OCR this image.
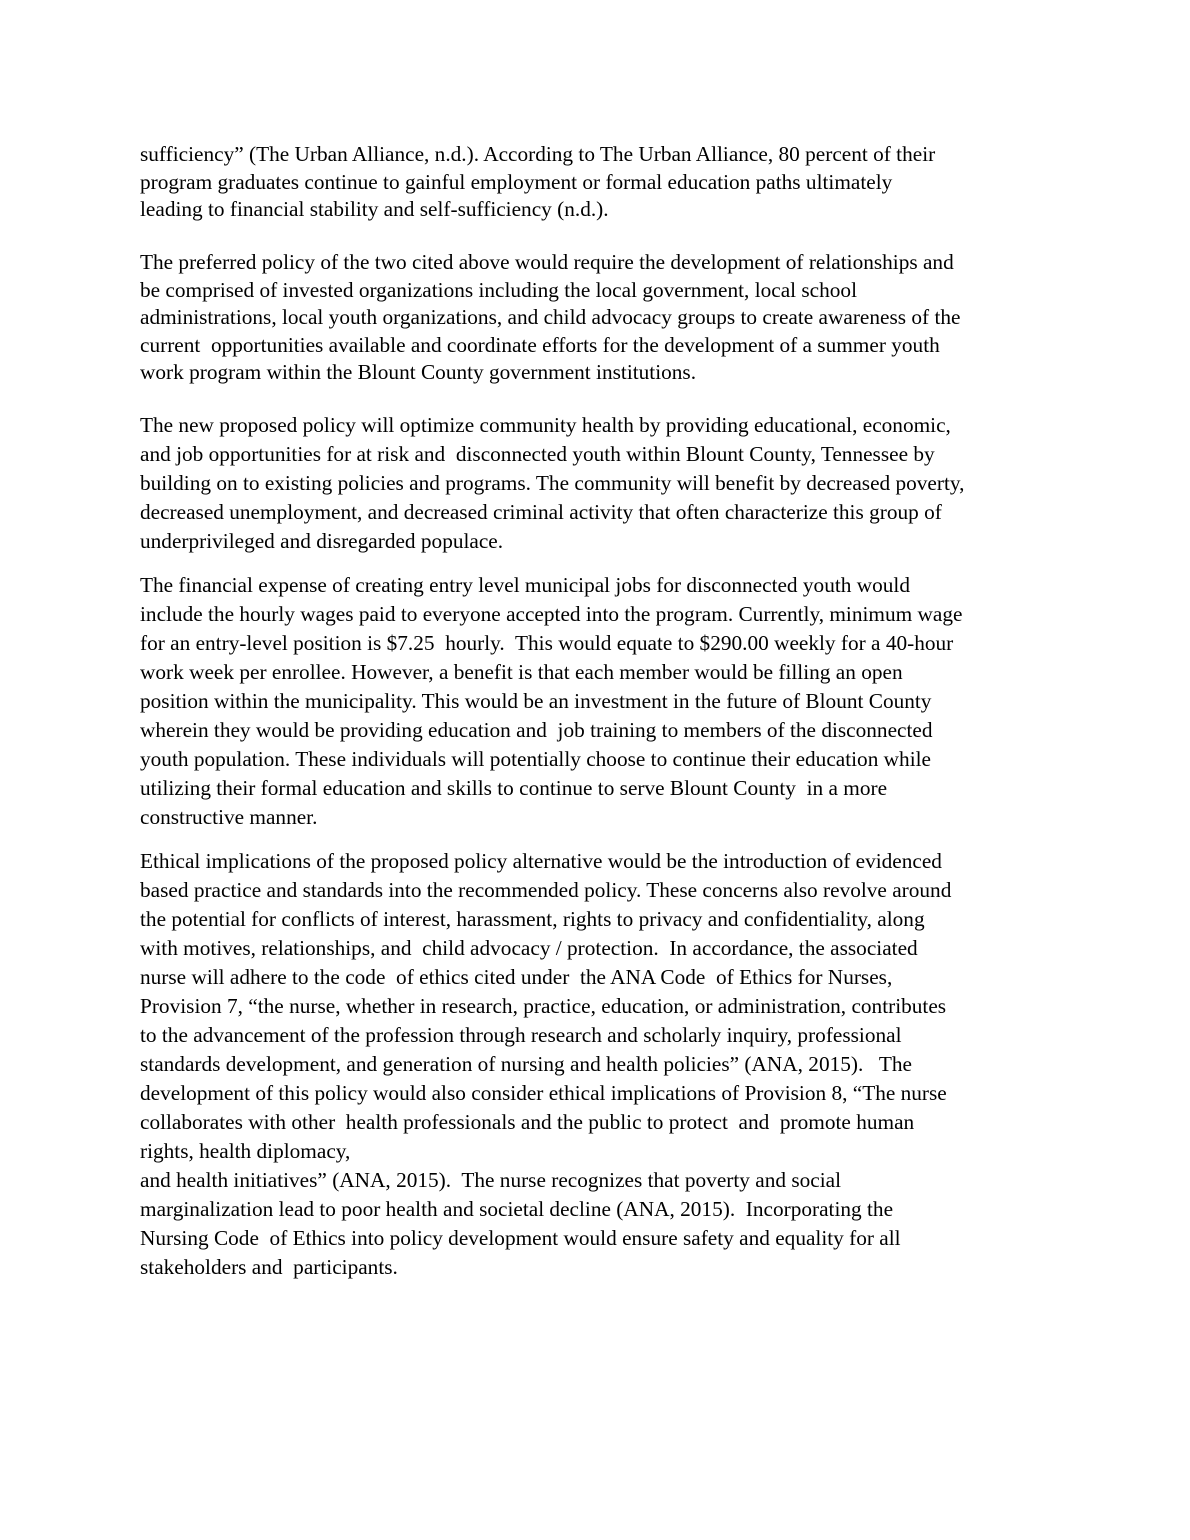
sufficiency” (The Urban Alliance, n.d.). According to The Urban Alliance, 80 percent of their
program graduates continue to gainful employment or formal education paths ultimately
leading to financial stability and self-sufficiency (n.d.).
The preferred policy of the two cited above would require the development of relationships and
be comprised of invested organizations including the local government, local school
administrations, local youth organizations, and child advocacy groups to create awareness of the
current  opportunities available and coordinate efforts for the development of a summer youth
work program within the Blount County government institutions.
The new proposed policy will optimize community health by providing educational, economic,
and job opportunities for at risk and  disconnected youth within Blount County, Tennessee by
building on to existing policies and programs. The community will benefit by decreased poverty,
decreased unemployment, and decreased criminal activity that often characterize this group of
underprivileged and disregarded populace.
The financial expense of creating entry level municipal jobs for disconnected youth would
include the hourly wages paid to everyone accepted into the program. Currently, minimum wage
for an entry-level position is $7.25  hourly.  This would equate to $290.00 weekly for a 40-hour
work week per enrollee. However, a benefit is that each member would be filling an open
position within the municipality. This would be an investment in the future of Blount County
wherein they would be providing education and  job training to members of the disconnected
youth population. These individuals will potentially choose to continue their education while
utilizing their formal education and skills to continue to serve Blount County  in a more
constructive manner.
Ethical implications of the proposed policy alternative would be the introduction of evidenced
based practice and standards into the recommended policy. These concerns also revolve around
the potential for conflicts of interest, harassment, rights to privacy and confidentiality, along
with motives, relationships, and  child advocacy / protection.  In accordance, the associated
nurse will adhere to the code  of ethics cited under  the ANA Code  of Ethics for Nurses,
Provision 7, “the nurse, whether in research, practice, education, or administration, contributes
to the advancement of the profession through research and scholarly inquiry, professional
standards development, and generation of nursing and health policies” (ANA, 2015).   The
development of this policy would also consider ethical implications of Provision 8, “The nurse
collaborates with other  health professionals and the public to protect  and  promote human
rights, health diplomacy,
and health initiatives” (ANA, 2015).  The nurse recognizes that poverty and social
marginalization lead to poor health and societal decline (ANA, 2015).  Incorporating the
Nursing Code  of Ethics into policy development would ensure safety and equality for all
stakeholders and  participants.
